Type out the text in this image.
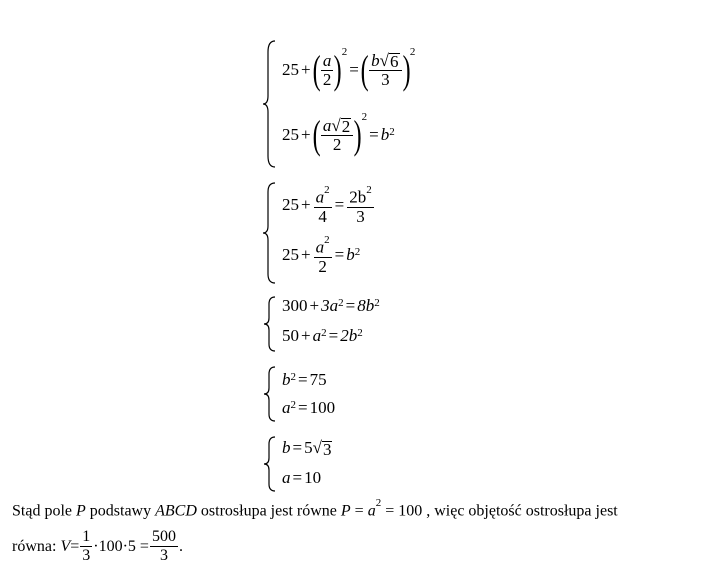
25 + ( $\frac{a}{2} )^2$
= ( $\frac{b √ 6}{3} )^2$
25 + ( $\frac{a √ 2}{2} )^2$
= $b^2$
$25 + \frac{a^2}{4} = \frac{2b^2}{3}$
$25 + \frac{a^2}{2} = b^2$
$300 + 3a^2 = 8b^2$
$50 + a^2 = 2b^2$
$b^2 = 75$
$a^2 = 100$
b = 5 √ 3
a = 10
Stąd pole P podstawy ABCD ostrosłupa jest równe $P = a^2 = 100$ , więc objętość ostrosłupa jest
równa: $V = \frac{1}{3} \cdot 100\cdot 5 = \frac{500}{3}$ .
